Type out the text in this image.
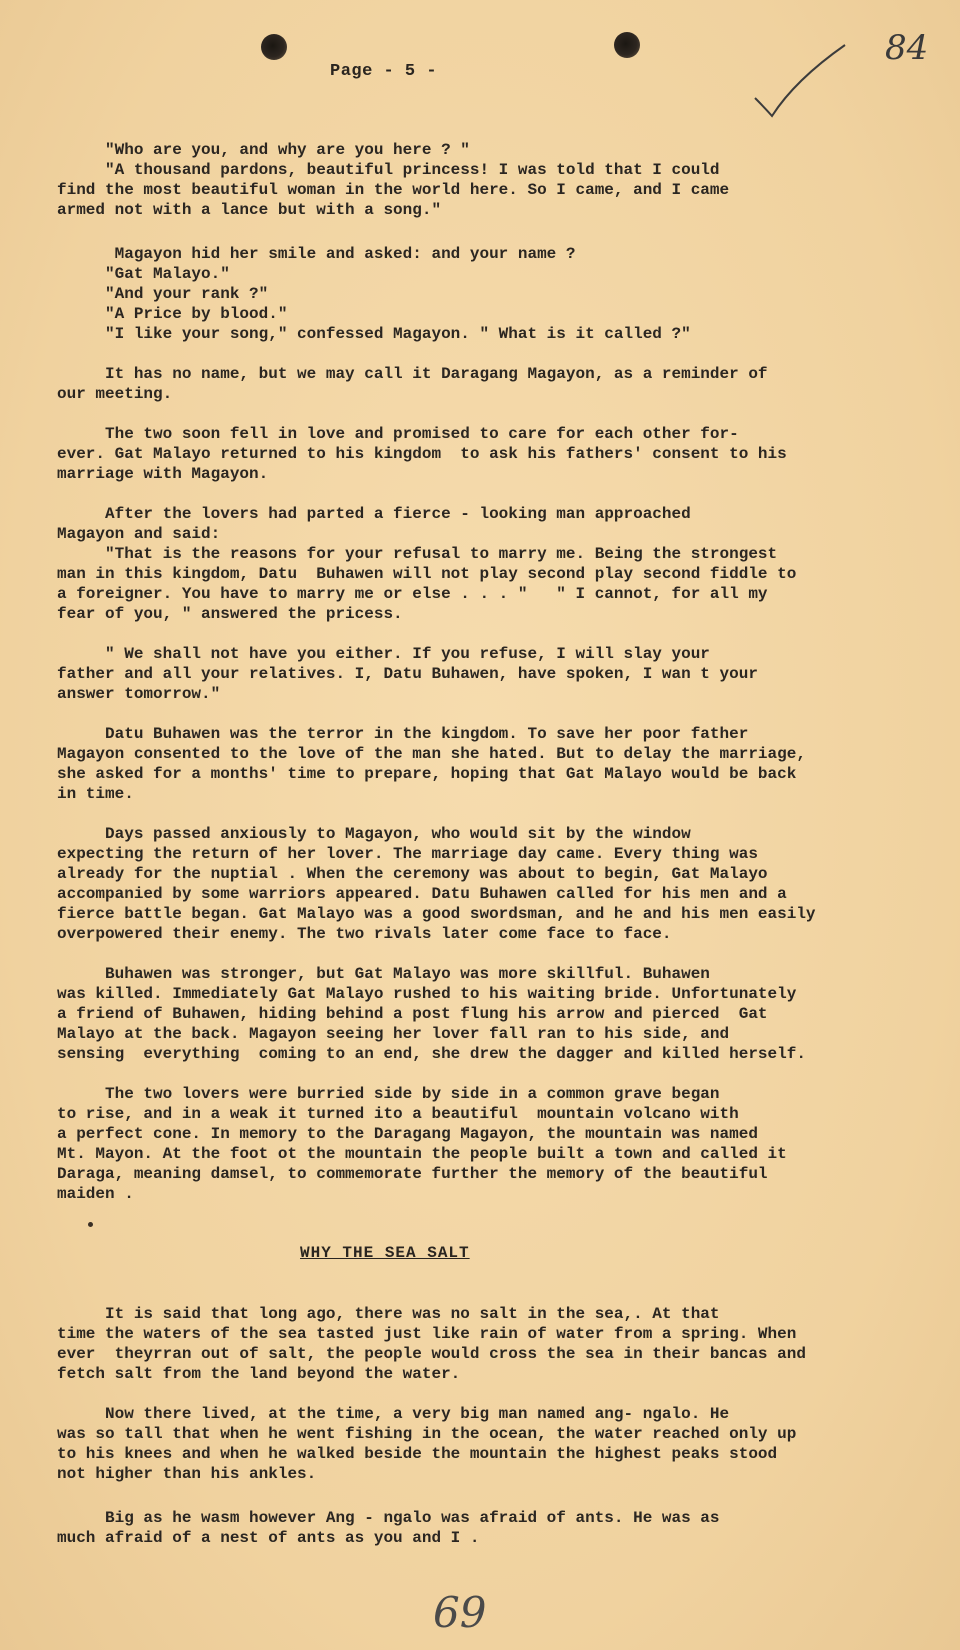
Page - 5 -
84
"Who are you, and why are you here ? "
"A thousand pardons, beautiful princess! I was told that I could
find the most beautiful woman in the world here. So I came, and I came
armed not with a lance but with a song."
Magayon hid her smile and asked: and your name ?
"Gat Malayo."
"And your rank ?"
"A Price by blood."
"I like your song," confessed Magayon. " What is it called ?"
It has no name, but we may call it Daragang Magayon, as a reminder of
our meeting.
The two soon fell in love and promised to care for each other for-
ever. Gat Malayo returned to his kingdom  to ask his fathers' consent to his
marriage with Magayon.
After the lovers had parted a fierce - looking man approached
Magayon and said:
"That is the reasons for your refusal to marry me. Being the strongest
man in this kingdom, Datu  Buhawen will not play second play second fiddle to
a foreigner. You have to marry me or else . . . "   " I cannot, for all my
fear of you, " answered the pricess.
" We shall not have you either. If you refuse, I will slay your
father and all your relatives. I, Datu Buhawen, have spoken, I wan t your
answer tomorrow."
Datu Buhawen was the terror in the kingdom. To save her poor father
Magayon consented to the love of the man she hated. But to delay the marriage,
she asked for a months' time to prepare, hoping that Gat Malayo would be back
in time.
Days passed anxiously to Magayon, who would sit by the window
expecting the return of her lover. The marriage day came. Every thing was
already for the nuptial . When the ceremony was about to begin, Gat Malayo
accompanied by some warriors appeared. Datu Buhawen called for his men and a
fierce battle began. Gat Malayo was a good swordsman, and he and his men easily
overpowered their enemy. The two rivals later come face to face.
Buhawen was stronger, but Gat Malayo was more skillful. Buhawen
was killed. Immediately Gat Malayo rushed to his waiting bride. Unfortunately
a friend of Buhawen, hiding behind a post flung his arrow and pierced  Gat
Malayo at the back. Magayon seeing her lover fall ran to his side, and
sensing  everything  coming to an end, she drew the dagger and killed herself.
The two lovers were burried side by side in a common grave began
to rise, and in a weak it turned ito a beautiful  mountain volcano with
a perfect cone. In memory to the Daragang Magayon, the mountain was named
Mt. Mayon. At the foot ot the mountain the people built a town and called it
Daraga, meaning damsel, to commemorate further the memory of the beautiful
maiden .
WHY THE SEA SALT
It is said that long ago, there was no salt in the sea,. At that
time the waters of the sea tasted just like rain of water from a spring. When
ever  theyrran out of salt, the people would cross the sea in their bancas and
fetch salt from the land beyond the water.
Now there lived, at the time, a very big man named ang- ngalo. He
was so tall that when he went fishing in the ocean, the water reached only up
to his knees and when he walked beside the mountain the highest peaks stood
not higher than his ankles.
Big as he wasm however Ang - ngalo was afraid of ants. He was as
much afraid of a nest of ants as you and I .
69
